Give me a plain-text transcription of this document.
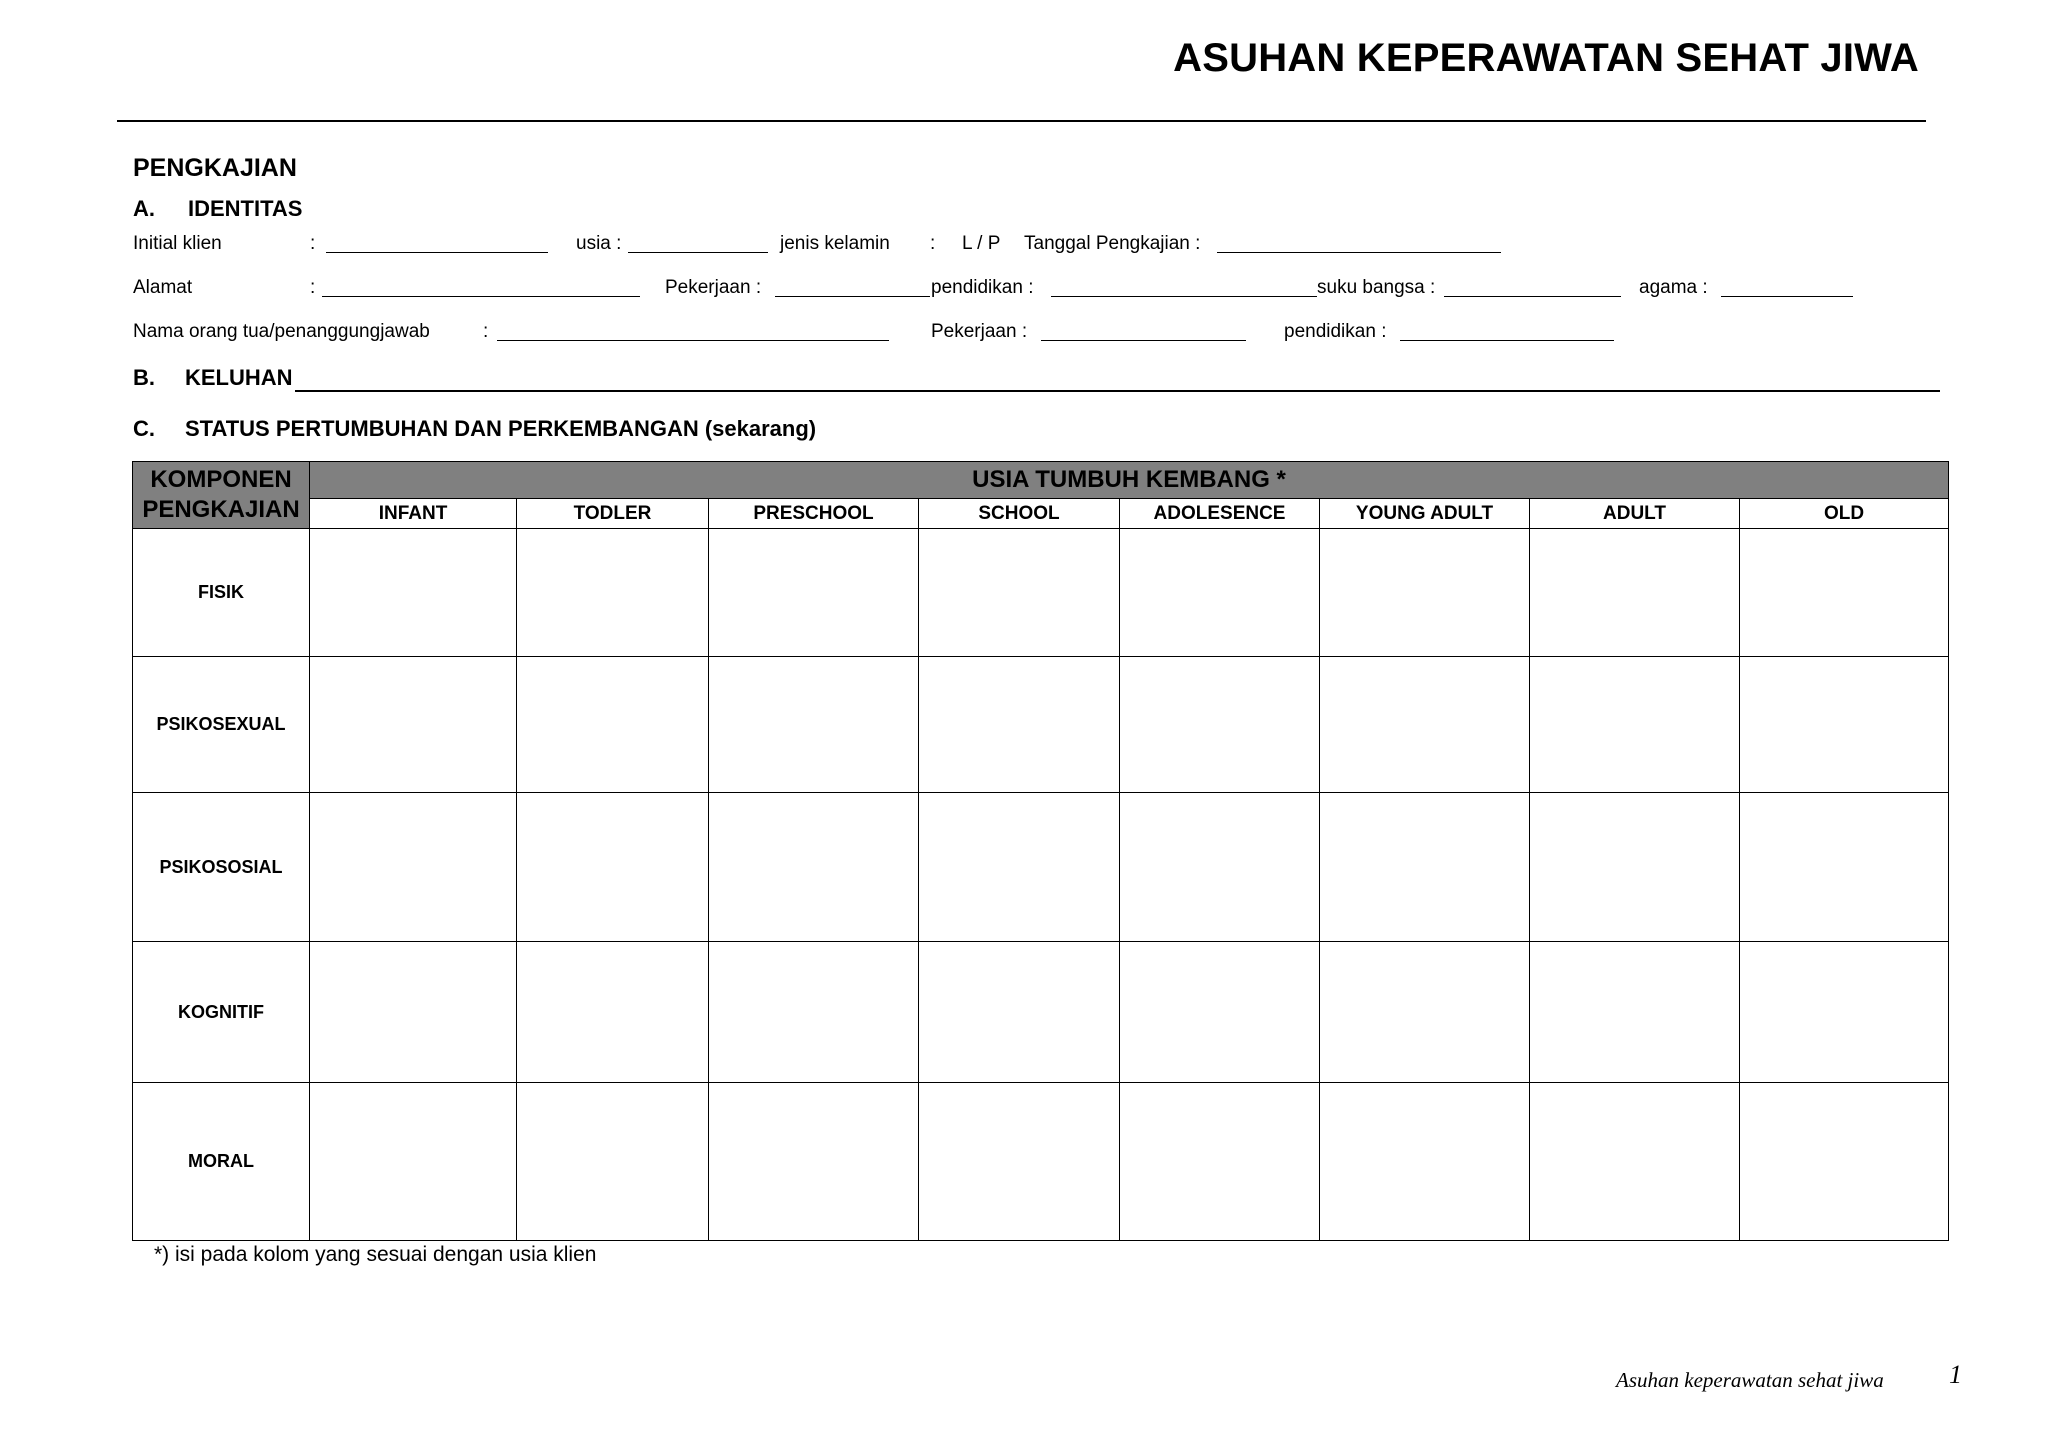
ASUHAN KEPERAWATAN SEHAT JIWA
PENGKAJIAN
A. IDENTITAS
Initial klien	:	usia :	jenis kelamin : L / P Tanggal Pengkajian :
Alamat	:	Pekerjaan :	pendidikan :	suku bangsa :	agama :
Nama orang tua/penanggungjawab	:	Pekerjaan :	pendidikan :
B. KELUHAN
C. STATUS PERTUMBUHAN DAN PERKEMBANGAN (sekarang)
KOMPONEN
PENGKAJIAN	USIA TUMBUH KEMBANG *							
	INFANT	TODLER	PRESCHOOL	SCHOOL	ADOLESENCE	YOUNG ADULT	ADULT	OLD
FISIK								
PSIKOSEXUAL								
PSIKOSOSIAL								
KOGNITIF								
MORAL								
*) isi pada kolom yang sesuai dengan usia klien
Asuhan keperawatan sehat jiwa	1
